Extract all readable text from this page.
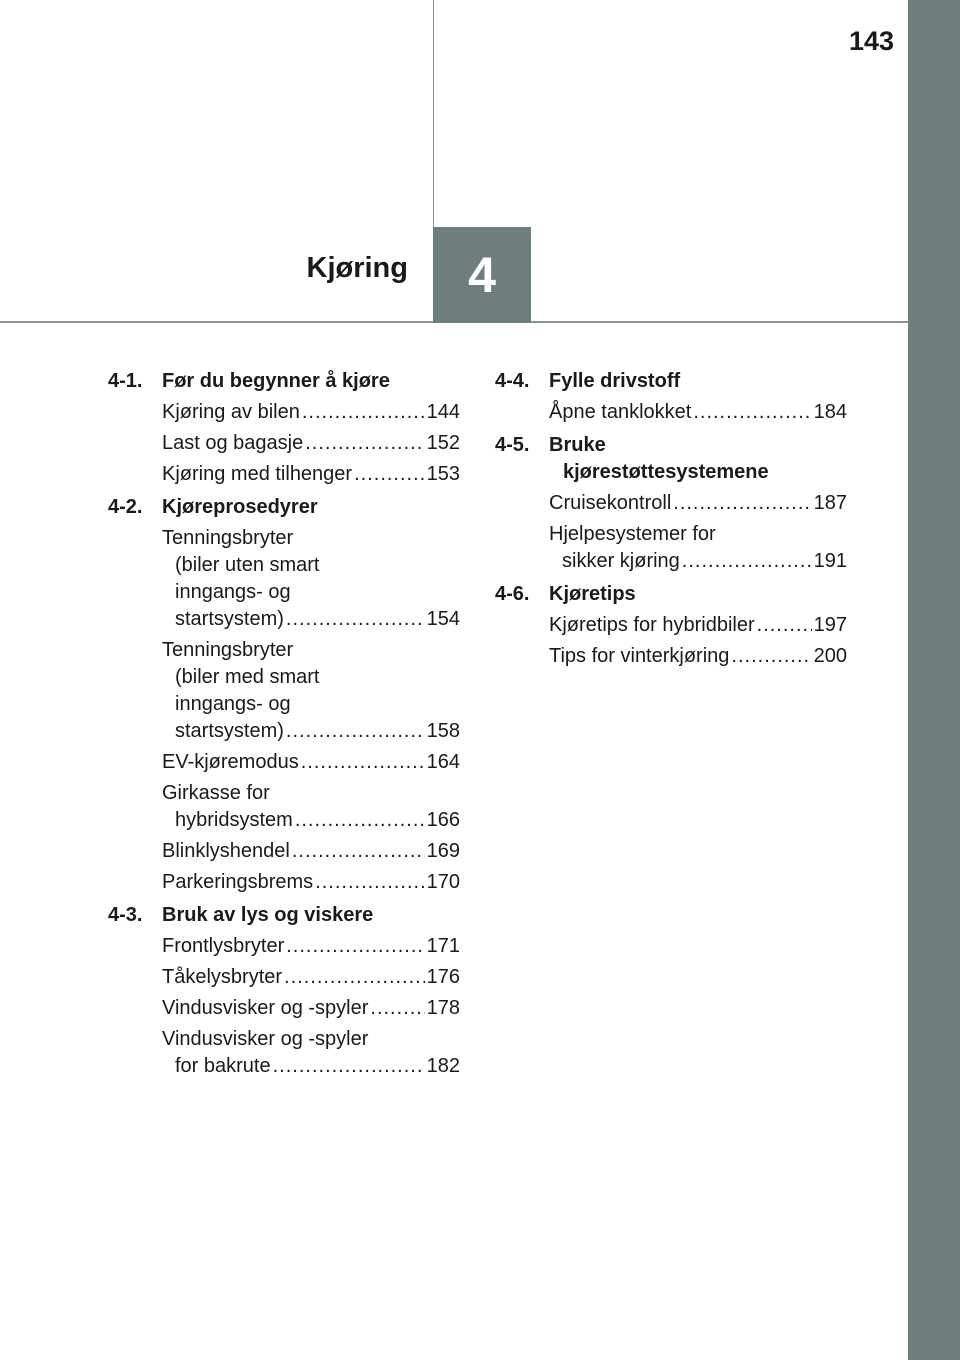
143
4
Kjøring
4-1. Før du begynner å kjøre
Kjøring av bilen .....	144
Last og bagasje .....	152
Kjøring med tilhenger .....	153
4-2. Kjøreprosedyrer
Tenningsbryter
(biler uten smart
inngangs- og
startsystem) .....	154
Tenningsbryter
(biler med smart
inngangs- og
startsystem) .....	158
EV-kjøremodus .....	164
Girkasse for
hybridsystem .....	166
Blinklyshendel .....	169
Parkeringsbrems .....	170
4-3. Bruk av lys og viskere
Frontlysbryter .....	171
Tåkelysbryter .....	176
Vindusvisker og -spyler .....	178
Vindusvisker og -spyler
for bakrute .....	182
4-4. Fylle drivstoff
Åpne tanklokket .....	184
4-5. Bruke
kjørestøttesystemene
Cruisekontroll .....	187
Hjelpesystemer for
sikker kjøring .....	191
4-6. Kjøretips
Kjøretips for hybridbiler .....	197
Tips for vinterkjøring .....	200
